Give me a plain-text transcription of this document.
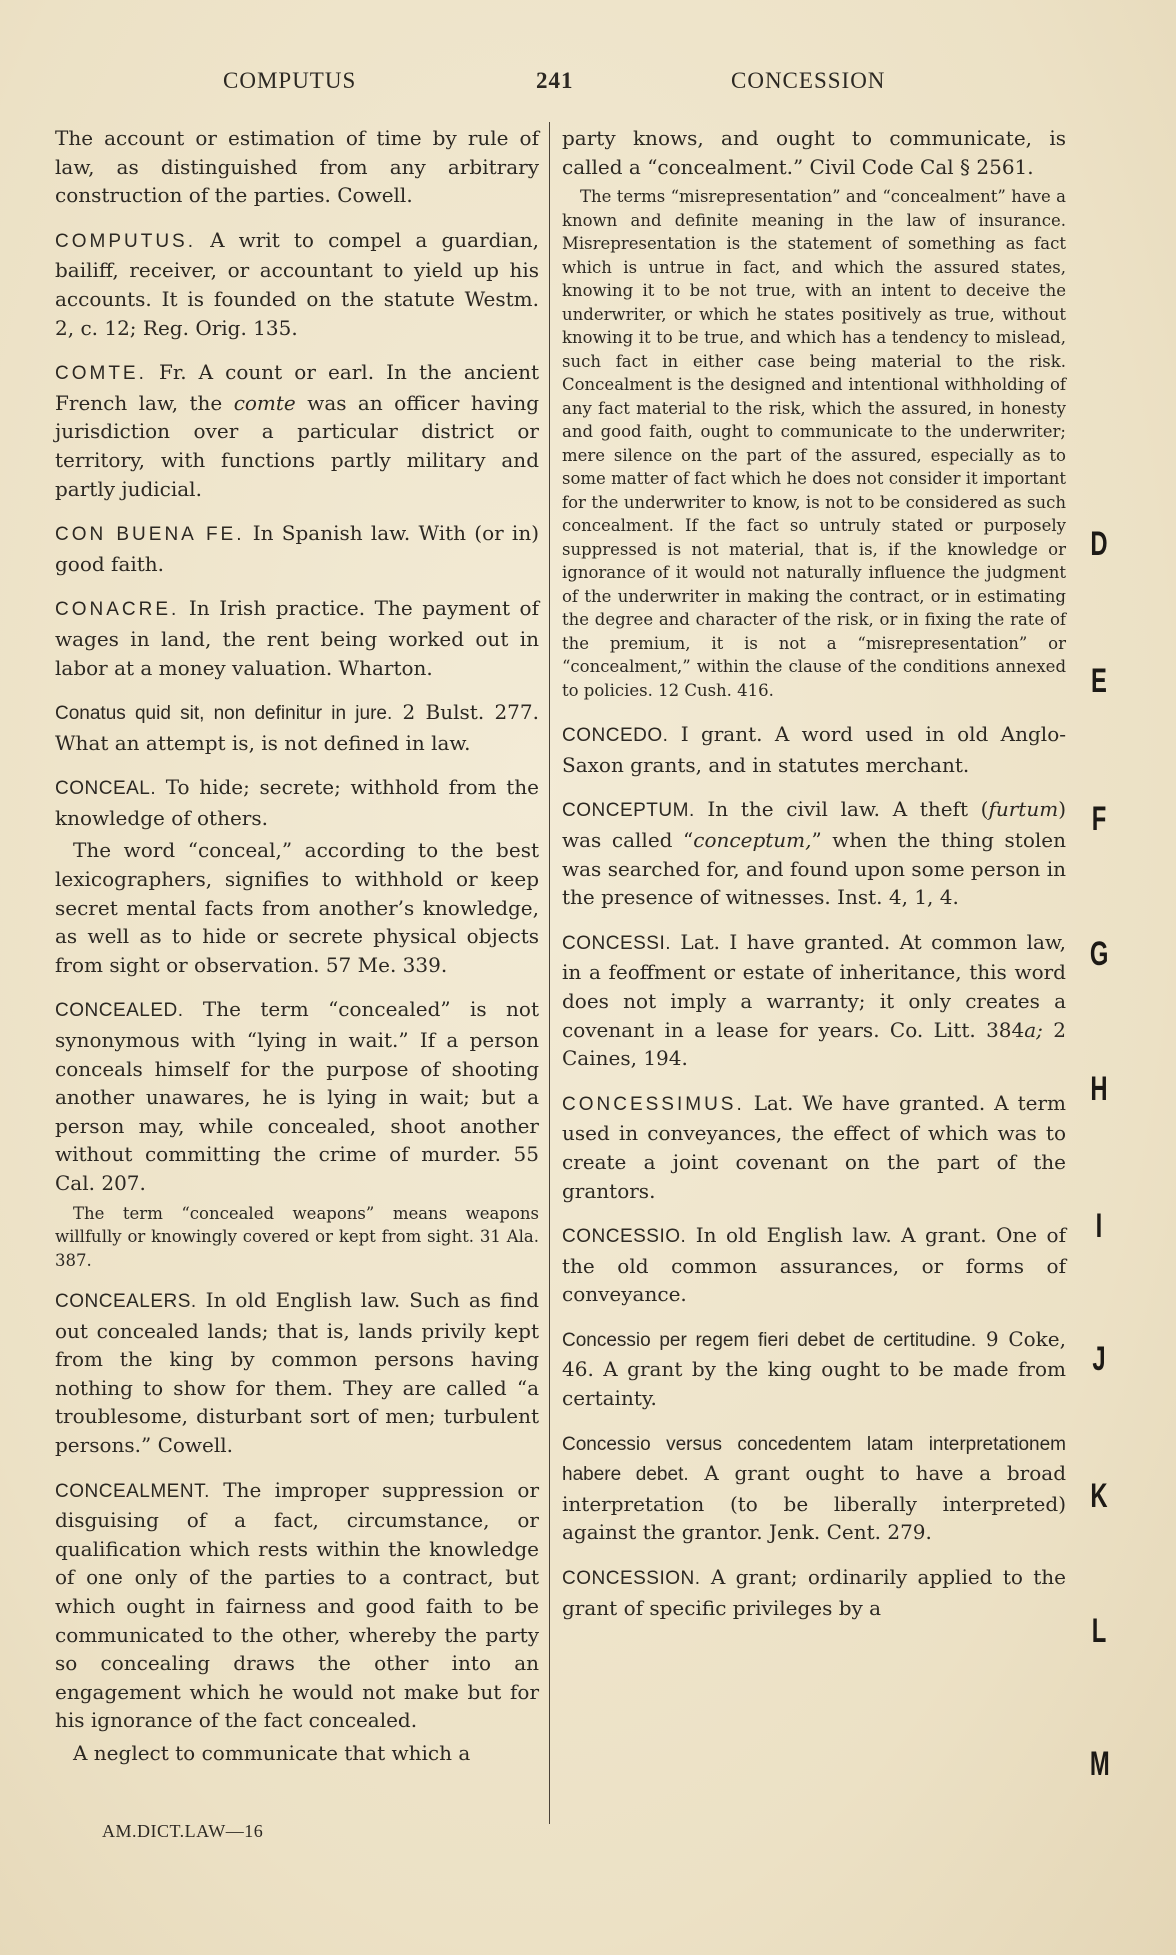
COMPUTUS	241	CONCESSION

The account or estimation of time by rule of law, as distinguished from any arbitrary construction of the parties. Cowell.

COMPUTUS. A writ to compel a guardian, bailiff, receiver, or accountant to yield up his accounts. It is founded on the statute Westm. 2, c. 12; Reg. Orig. 135.

COMTE. Fr. A count or earl. In the ancient French law, the comte was an officer having jurisdiction over a particular district or territory, with functions partly military and partly judicial.

CON BUENA FE. In Spanish law. With (or in) good faith.

CONACRE. In Irish practice. The payment of wages in land, the rent being worked out in labor at a money valuation. Wharton.

Conatus quid sit, non definitur in jure. 2 Bulst. 277. What an attempt is, is not defined in law.

CONCEAL. To hide; secrete; withhold from the knowledge of others.

The word “conceal,” according to the best lexicographers, signifies to withhold or keep secret mental facts from another’s knowledge, as well as to hide or secrete physical objects from sight or observation. 57 Me. 339.

CONCEALED. The term “concealed” is not synonymous with “lying in wait.” If a person conceals himself for the purpose of shooting another unawares, he is lying in wait; but a person may, while concealed, shoot another without committing the crime of murder. 55 Cal. 207.

The term “concealed weapons” means weapons willfully or knowingly covered or kept from sight. 31 Ala. 387.

CONCEALERS. In old English law. Such as find out concealed lands; that is, lands privily kept from the king by common persons having nothing to show for them. They are called “a troublesome, disturbant sort of men; turbulent persons.” Cowell.

CONCEALMENT. The improper suppression or disguising of a fact, circumstance, or qualification which rests within the knowledge of one only of the parties to a contract, but which ought in fairness and good faith to be communicated to the other, whereby the party so concealing draws the other into an engagement which he would not make but for his ignorance of the fact concealed.

A neglect to communicate that which a

party knows, and ought to communicate, is called a “concealment.” Civil Code Cal § 2561.

The terms “misrepresentation” and “concealment” have a known and definite meaning in the law of insurance. Misrepresentation is the statement of something as fact which is untrue in fact, and which the assured states, knowing it to be not true, with an intent to deceive the underwriter, or which he states positively as true, without knowing it to be true, and which has a tendency to mislead, such fact in either case being material to the risk. Concealment is the designed and intentional withholding of any fact material to the risk, which the assured, in honesty and good faith, ought to communicate to the underwriter; mere silence on the part of the assured, especially as to some matter of fact which he does not consider it important for the underwriter to know, is not to be considered as such concealment. If the fact so untruly stated or purposely suppressed is not material, that is, if the knowledge or ignorance of it would not naturally influence the judgment of the underwriter in making the contract, or in estimating the degree and character of the risk, or in fixing the rate of the premium, it is not a “misrepresentation” or “concealment,” within the clause of the conditions annexed to policies. 12 Cush. 416.

CONCEDO. I grant. A word used in old Anglo-Saxon grants, and in statutes merchant.

CONCEPTUM. In the civil law. A theft (furtum) was called “conceptum,” when the thing stolen was searched for, and found upon some person in the presence of witnesses. Inst. 4, 1, 4.

CONCESSI. Lat. I have granted. At common law, in a feoffment or estate of inheritance, this word does not imply a warranty; it only creates a covenant in a lease for years. Co. Litt. 384a; 2 Caines, 194.

CONCESSIMUS. Lat. We have granted. A term used in conveyances, the effect of which was to create a joint covenant on the part of the grantors.

CONCESSIO. In old English law. A grant. One of the old common assurances, or forms of conveyance.

Concessio per regem fieri debet de certitudine. 9 Coke, 46. A grant by the king ought to be made from certainty.

Concessio versus concedentem latam interpretationem habere debet. A grant ought to have a broad interpretation (to be liberally interpreted) against the grantor. Jenk. Cent. 279.

CONCESSION. A grant; ordinarily applied to the grant of specific privileges by a

AM.DICT.LAW—16
D
E
F
G
H
I
J
K
L
M
